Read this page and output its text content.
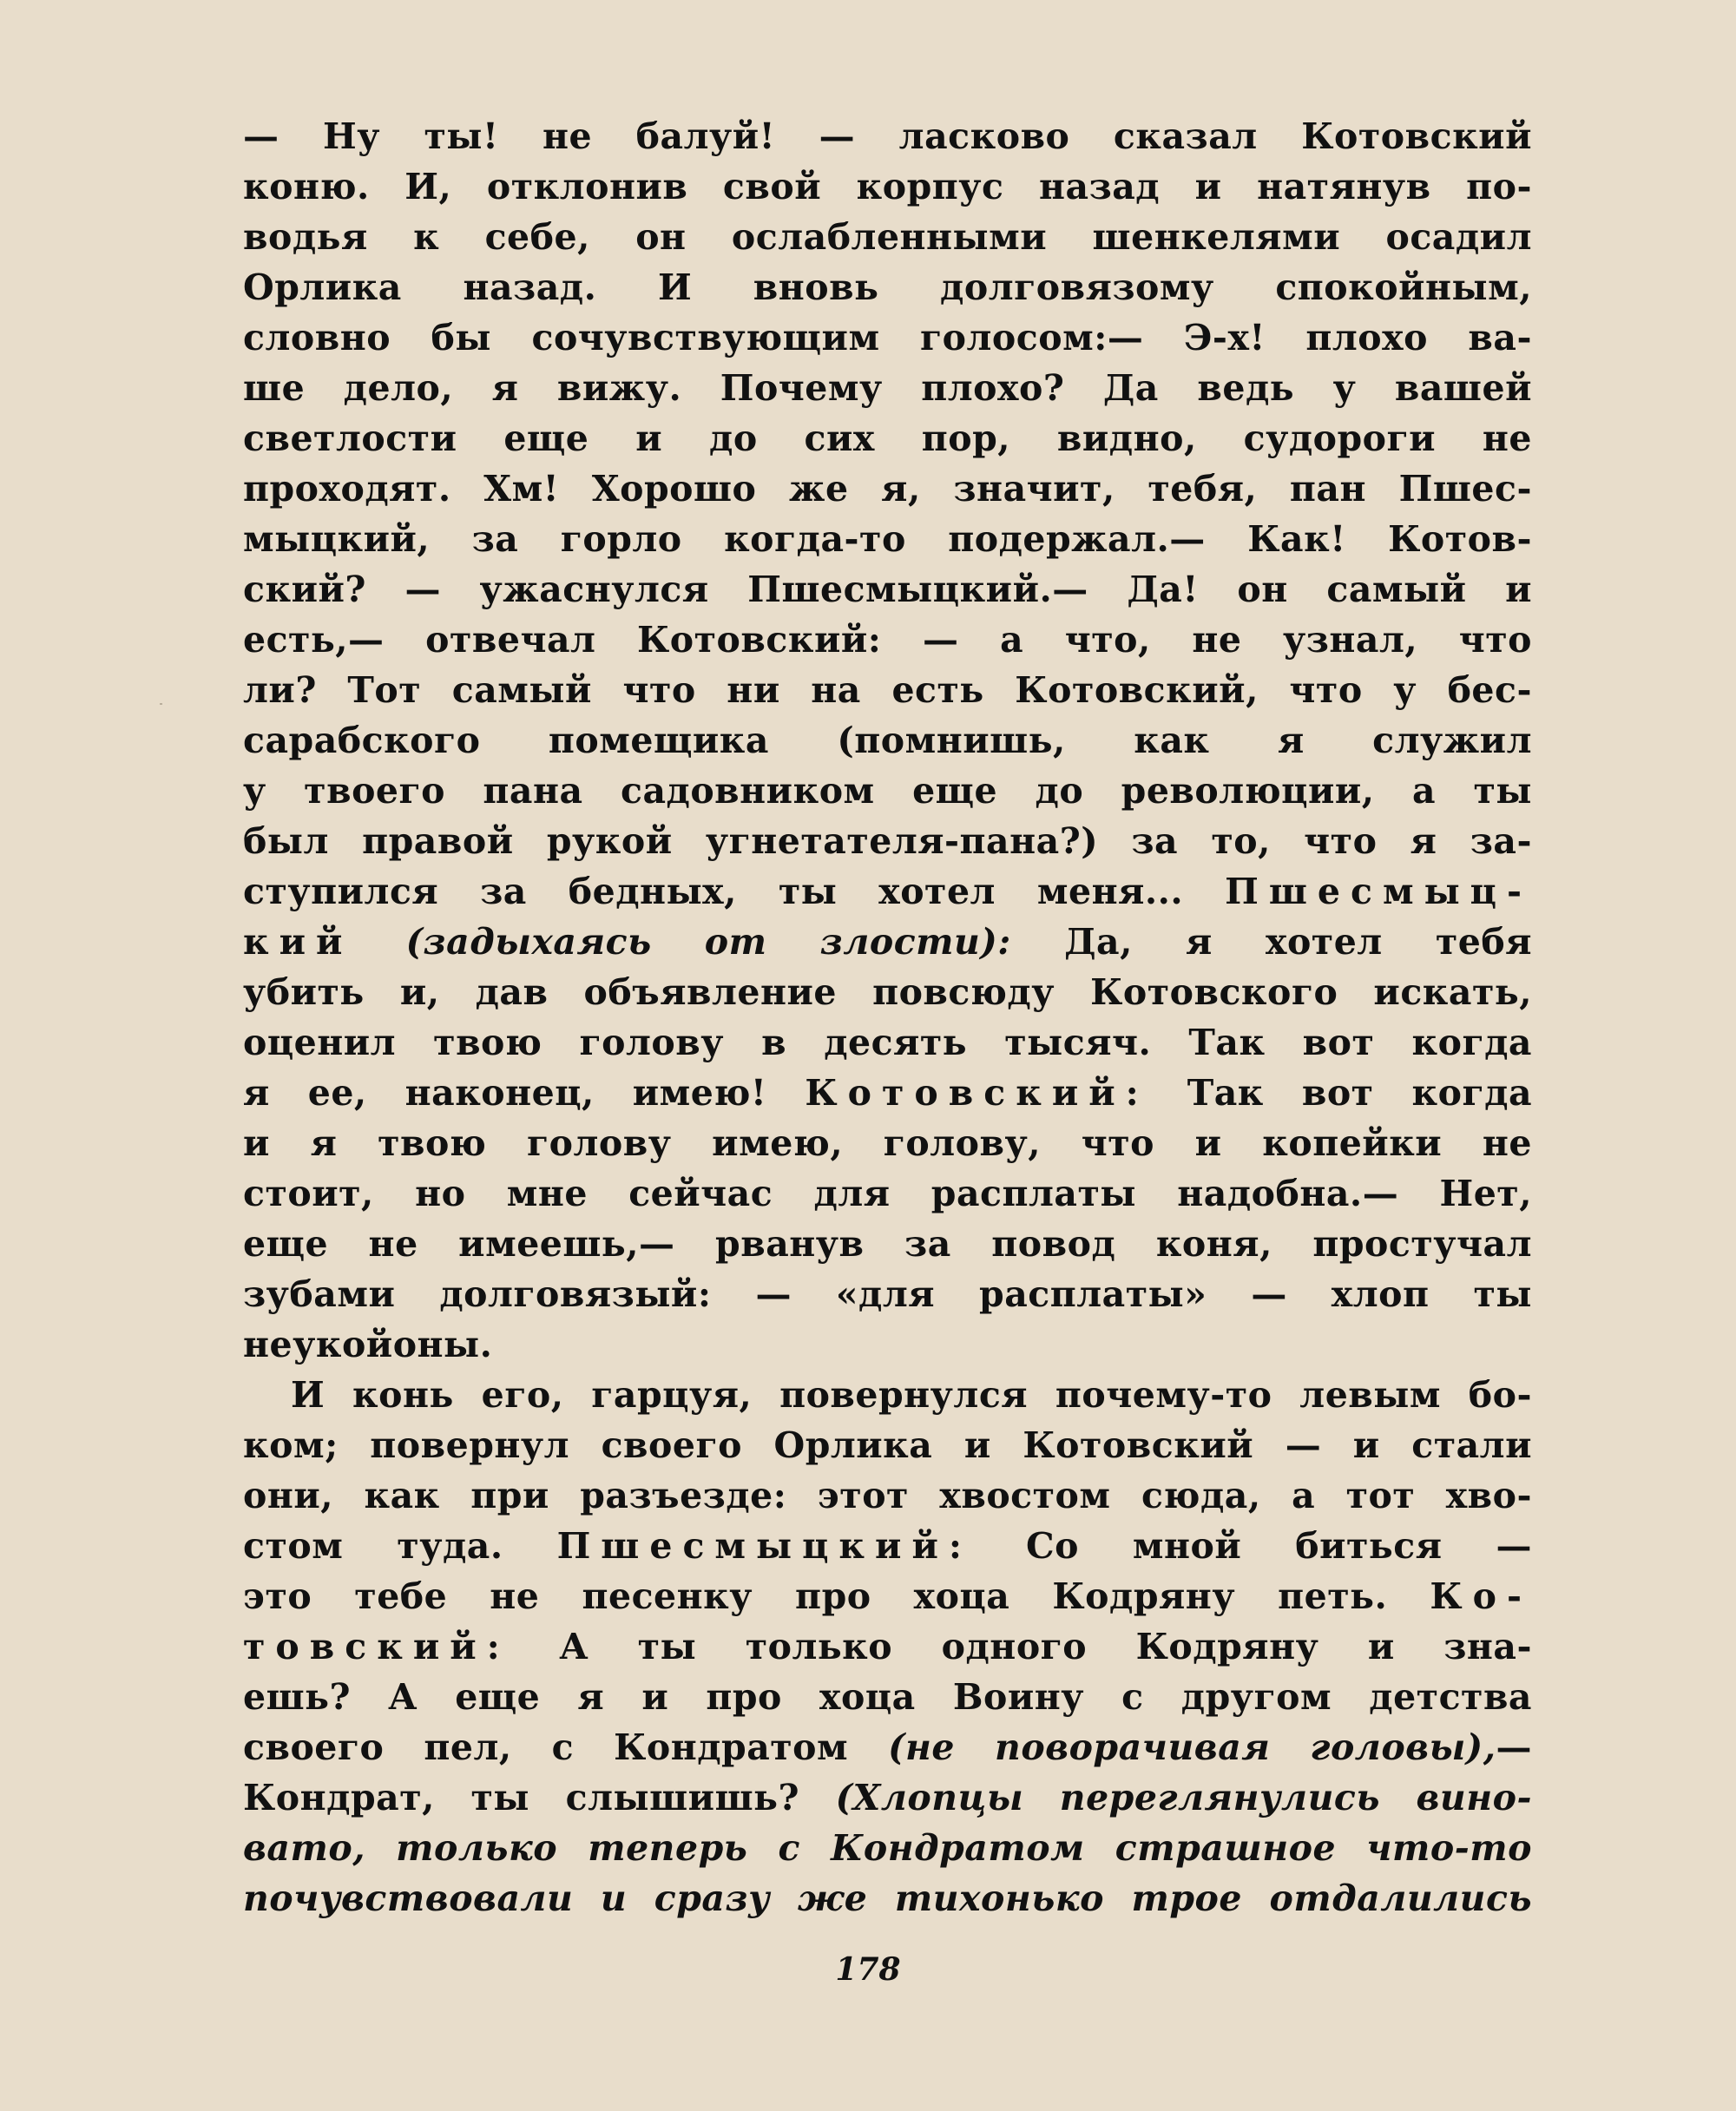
— Ну ты! не балуй! — ласково сказал Котовский
коню. И, отклонив свой корпус назад и натянув по-
водья к себе, он ослабленными шенкелями осадил
Орлика назад. И вновь долговязому спокойным,
словно бы сочувствующим голосом:— Э-х! плохо ва-
ше дело, я вижу. Почему плохо? Да ведь у вашей
светлости еще и до сих пор, видно, судороги не
проходят. Хм! Хорошо же я, значит, тебя, пан Пшес-
мыцкий, за горло когда-то подержал.— Как! Котов-
ский? — ужаснулся Пшесмыцкий.— Да! он самый и
есть,— отвечал Котовский: — а что, не узнал, что
ли? Тот самый что ни на есть Котовский, что у бес-
сарабского помещика (помнишь, как я служил
у твоего пана садовником еще до революции, а ты
был правой рукой угнетателя-пана?) за то, что я за-
ступился за бедных, ты хотел меня... Пшесмыц-
кий (задыхаясь от злости): Да, я хотел тебя
убить и, дав объявление повсюду Котовского искать,
оценил твою голову в десять тысяч. Так вот когда
я ее, наконец, имею! Котовский: Так вот когда
и я твою голову имею, голову, что и копейки не
стоит, но мне сейчас для расплаты надобна.— Нет,
еще не имеешь,— рванув за повод коня, простучал
зубами долговязый: — «для расплаты» — хлоп ты
неукойоны.
И конь его, гарцуя, повернулся почему-то левым бо-
ком; повернул своего Орлика и Котовский — и стали
они, как при разъезде: этот хвостом сюда, а тот хво-
стом туда. Пшесмыцкий: Со мной биться —
это тебе не песенку про хоца Кодряну петь. Ко-
товский: А ты только одного Кодряну и зна-
ешь? А еще я и про хоца Воину с другом детства
своего пел, с Кондратом (не поворачивая головы),—
Кондрат, ты слышишь? (Хлопцы переглянулись вино-
вато, только теперь с Кондратом страшное что-то
почувствовали и сразу же тихонько трое отдалились
178
